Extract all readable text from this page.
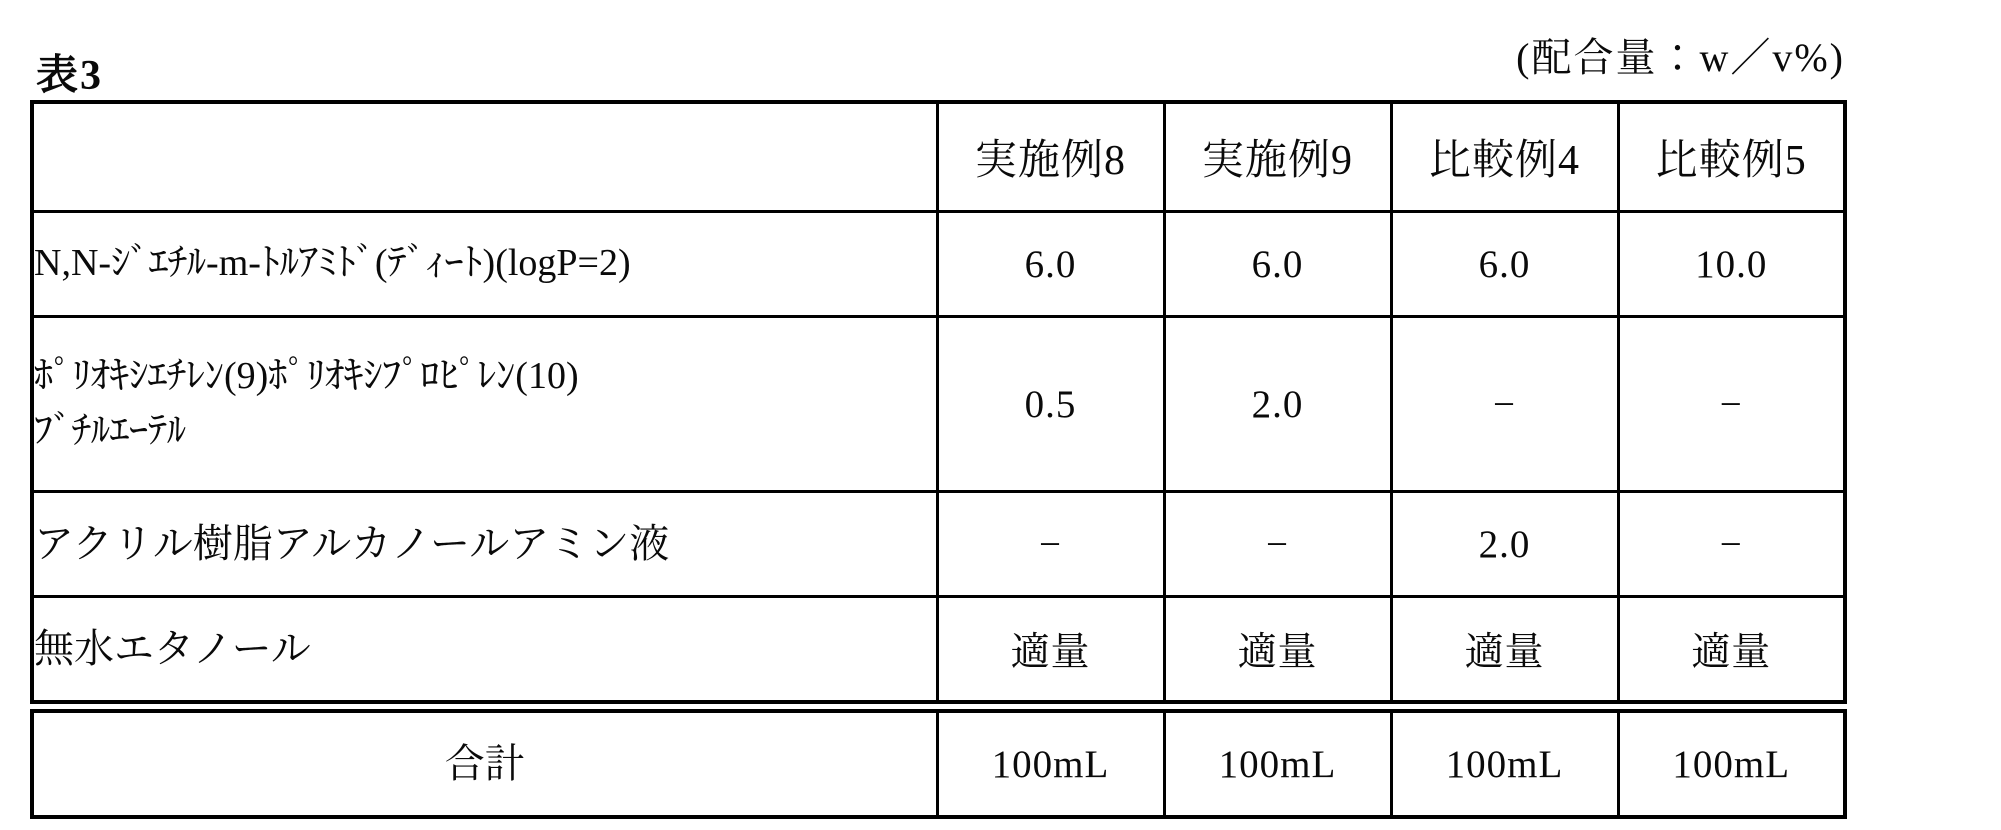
表3	(配合量：w／v%)
	実施例8	実施例9	比較例4	比較例5
N,N-ｼﾞｴﾁﾙ-m-ﾄﾙｱﾐﾄﾞ(ﾃﾞｨｰﾄ)(logP=2)	6.0	6.0	6.0	10.0
ﾎﾟﾘｵｷｼｴﾁﾚﾝ(9)ﾎﾟﾘｵｷｼﾌﾟﾛﾋﾟﾚﾝ(10)
ﾌﾞﾁﾙｴｰﾃﾙ	0.5	2.0	−	−
アクリル樹脂アルカノールアミン液	−	−	2.0	−
無水エタノール	適量	適量	適量	適量
合計	100mL	100mL	100mL	100mL
